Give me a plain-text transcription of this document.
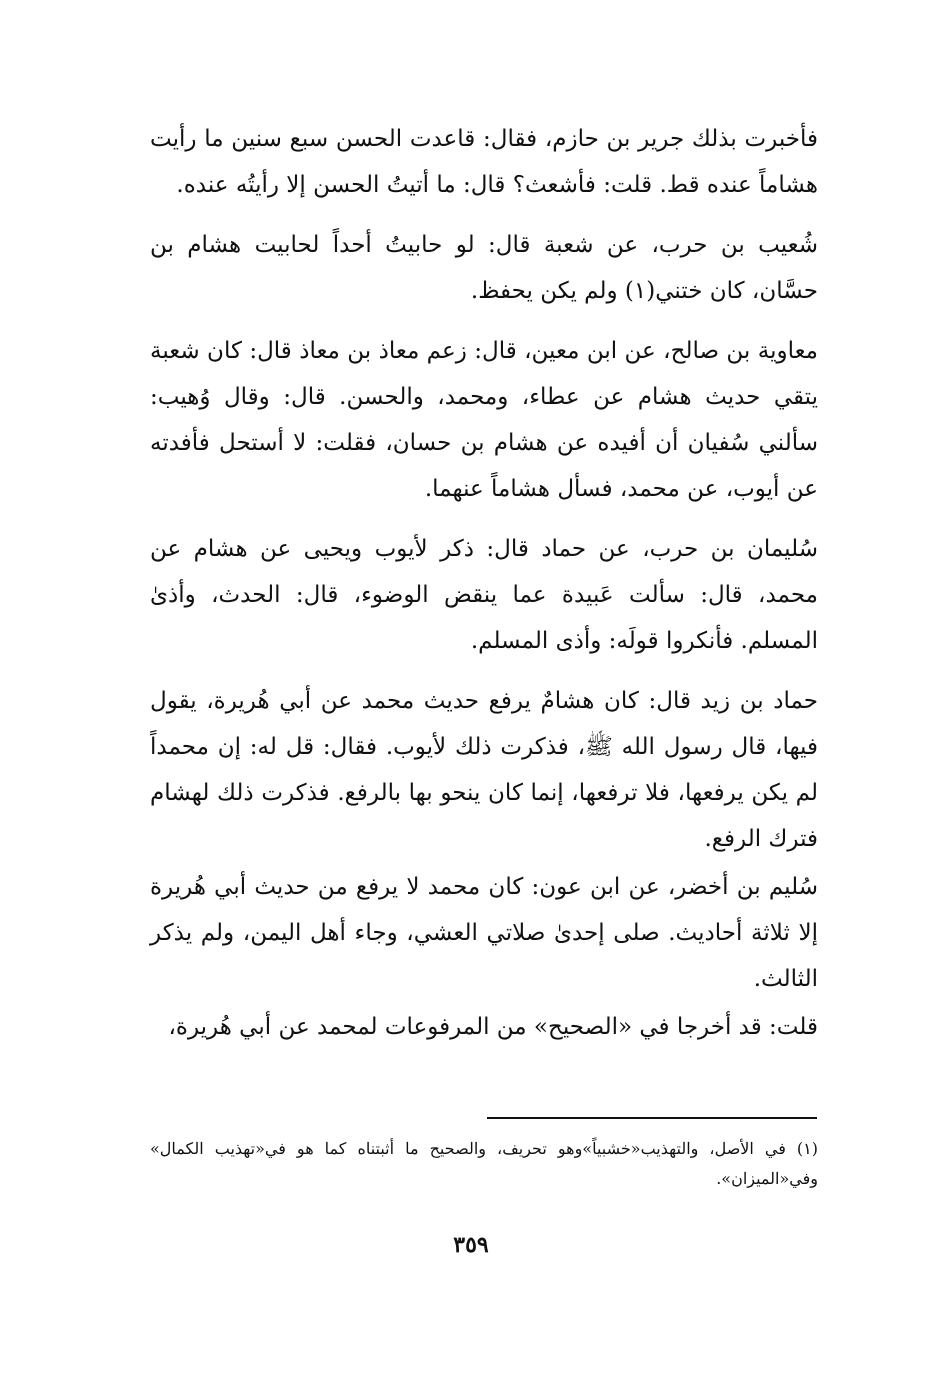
فأخبرت بذلك جرير بن حازم، فقال: قاعدت الحسن سبع سنين ما رأيت هشاماً عنده قط. قلت: فأشعث؟ قال: ما أتيتُ الحسن إلا رأيتُه عنده.

شُعيب بن حرب، عن شعبة قال: لو حابيتُ أحداً لحابيت هشام بن حسَّان، كان ختني(١) ولم يكن يحفظ.

معاوية بن صالح، عن ابن معين، قال: زعم معاذ بن معاذ قال: كان شعبة يتقي حديث هشام عن عطاء، ومحمد، والحسن. قال: وقال وُهيب: سألني سُفيان أن أفيده عن هشام بن حسان، فقلت: لا أستحل فأفدته عن أيوب، عن محمد، فسأل هشاماً عنهما.

سُليمان بن حرب، عن حماد قال: ذكر لأيوب ويحيى عن هشام عن محمد، قال: سألت عَبيدة عما ينقض الوضوء، قال: الحدث، وأذىٰ المسلم. فأنكروا قولَه: وأذى المسلم.

حماد بن زيد قال: كان هشامٌ يرفع حديث محمد عن أبي هُريرة، يقول فيها، قال رسول الله ﷺ، فذكرت ذلك لأيوب. فقال: قل له: إن محمداً لم يكن يرفعها، فلا ترفعها، إنما كان ينحو بها بالرفع. فذكرت ذلك لهشام فترك الرفع.

سُليم بن أخضر، عن ابن عون: كان محمد لا يرفع من حديث أبي هُريرة إلا ثلاثة أحاديث. صلى إحدىٰ صلاتي العشي، وجاء أهل اليمن، ولم يذكر الثالث.

قلت: قد أخرجا في «الصحيح» من المرفوعات لمحمد عن أبي هُريرة،

(١) في الأصل، والتهذيب«خشبياً»وهو تحريف، والصحيح ما أثبتناه كما هو في«تهذيب الكمال» وفي«الميزان».

٣٥٩
